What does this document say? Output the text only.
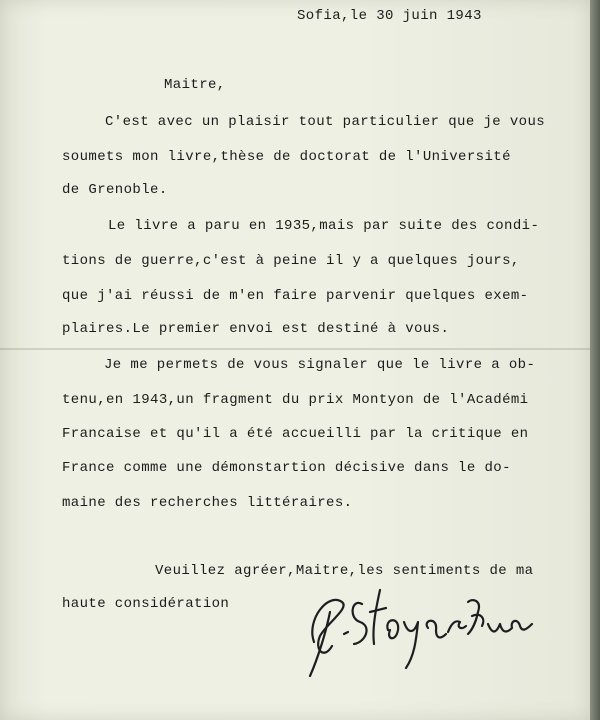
Sofia,le 30 juin 1943

Maitre,

C'est avec un plaisir tout particulier que je vous

soumets mon livre,thèse de doctorat de l'Université

de Grenoble.

Le livre a paru en 1935,mais par suite des condi-

tions de guerre,c'est à peine il y a quelques jours,

que j'ai réussi de m'en faire parvenir quelques exem-

plaires.Le premier envoi est destiné à vous.

Je me permets de vous signaler que le livre a ob-

tenu,en 1943,un fragment du prix Montyon de l'Académi

Francaise et qu'il a été accueilli par la critique en

France comme une démonstartion décisive dans le do-

maine des recherches littéraires.

Veuillez agréer,Maitre,les sentiments de ma

haute considération
